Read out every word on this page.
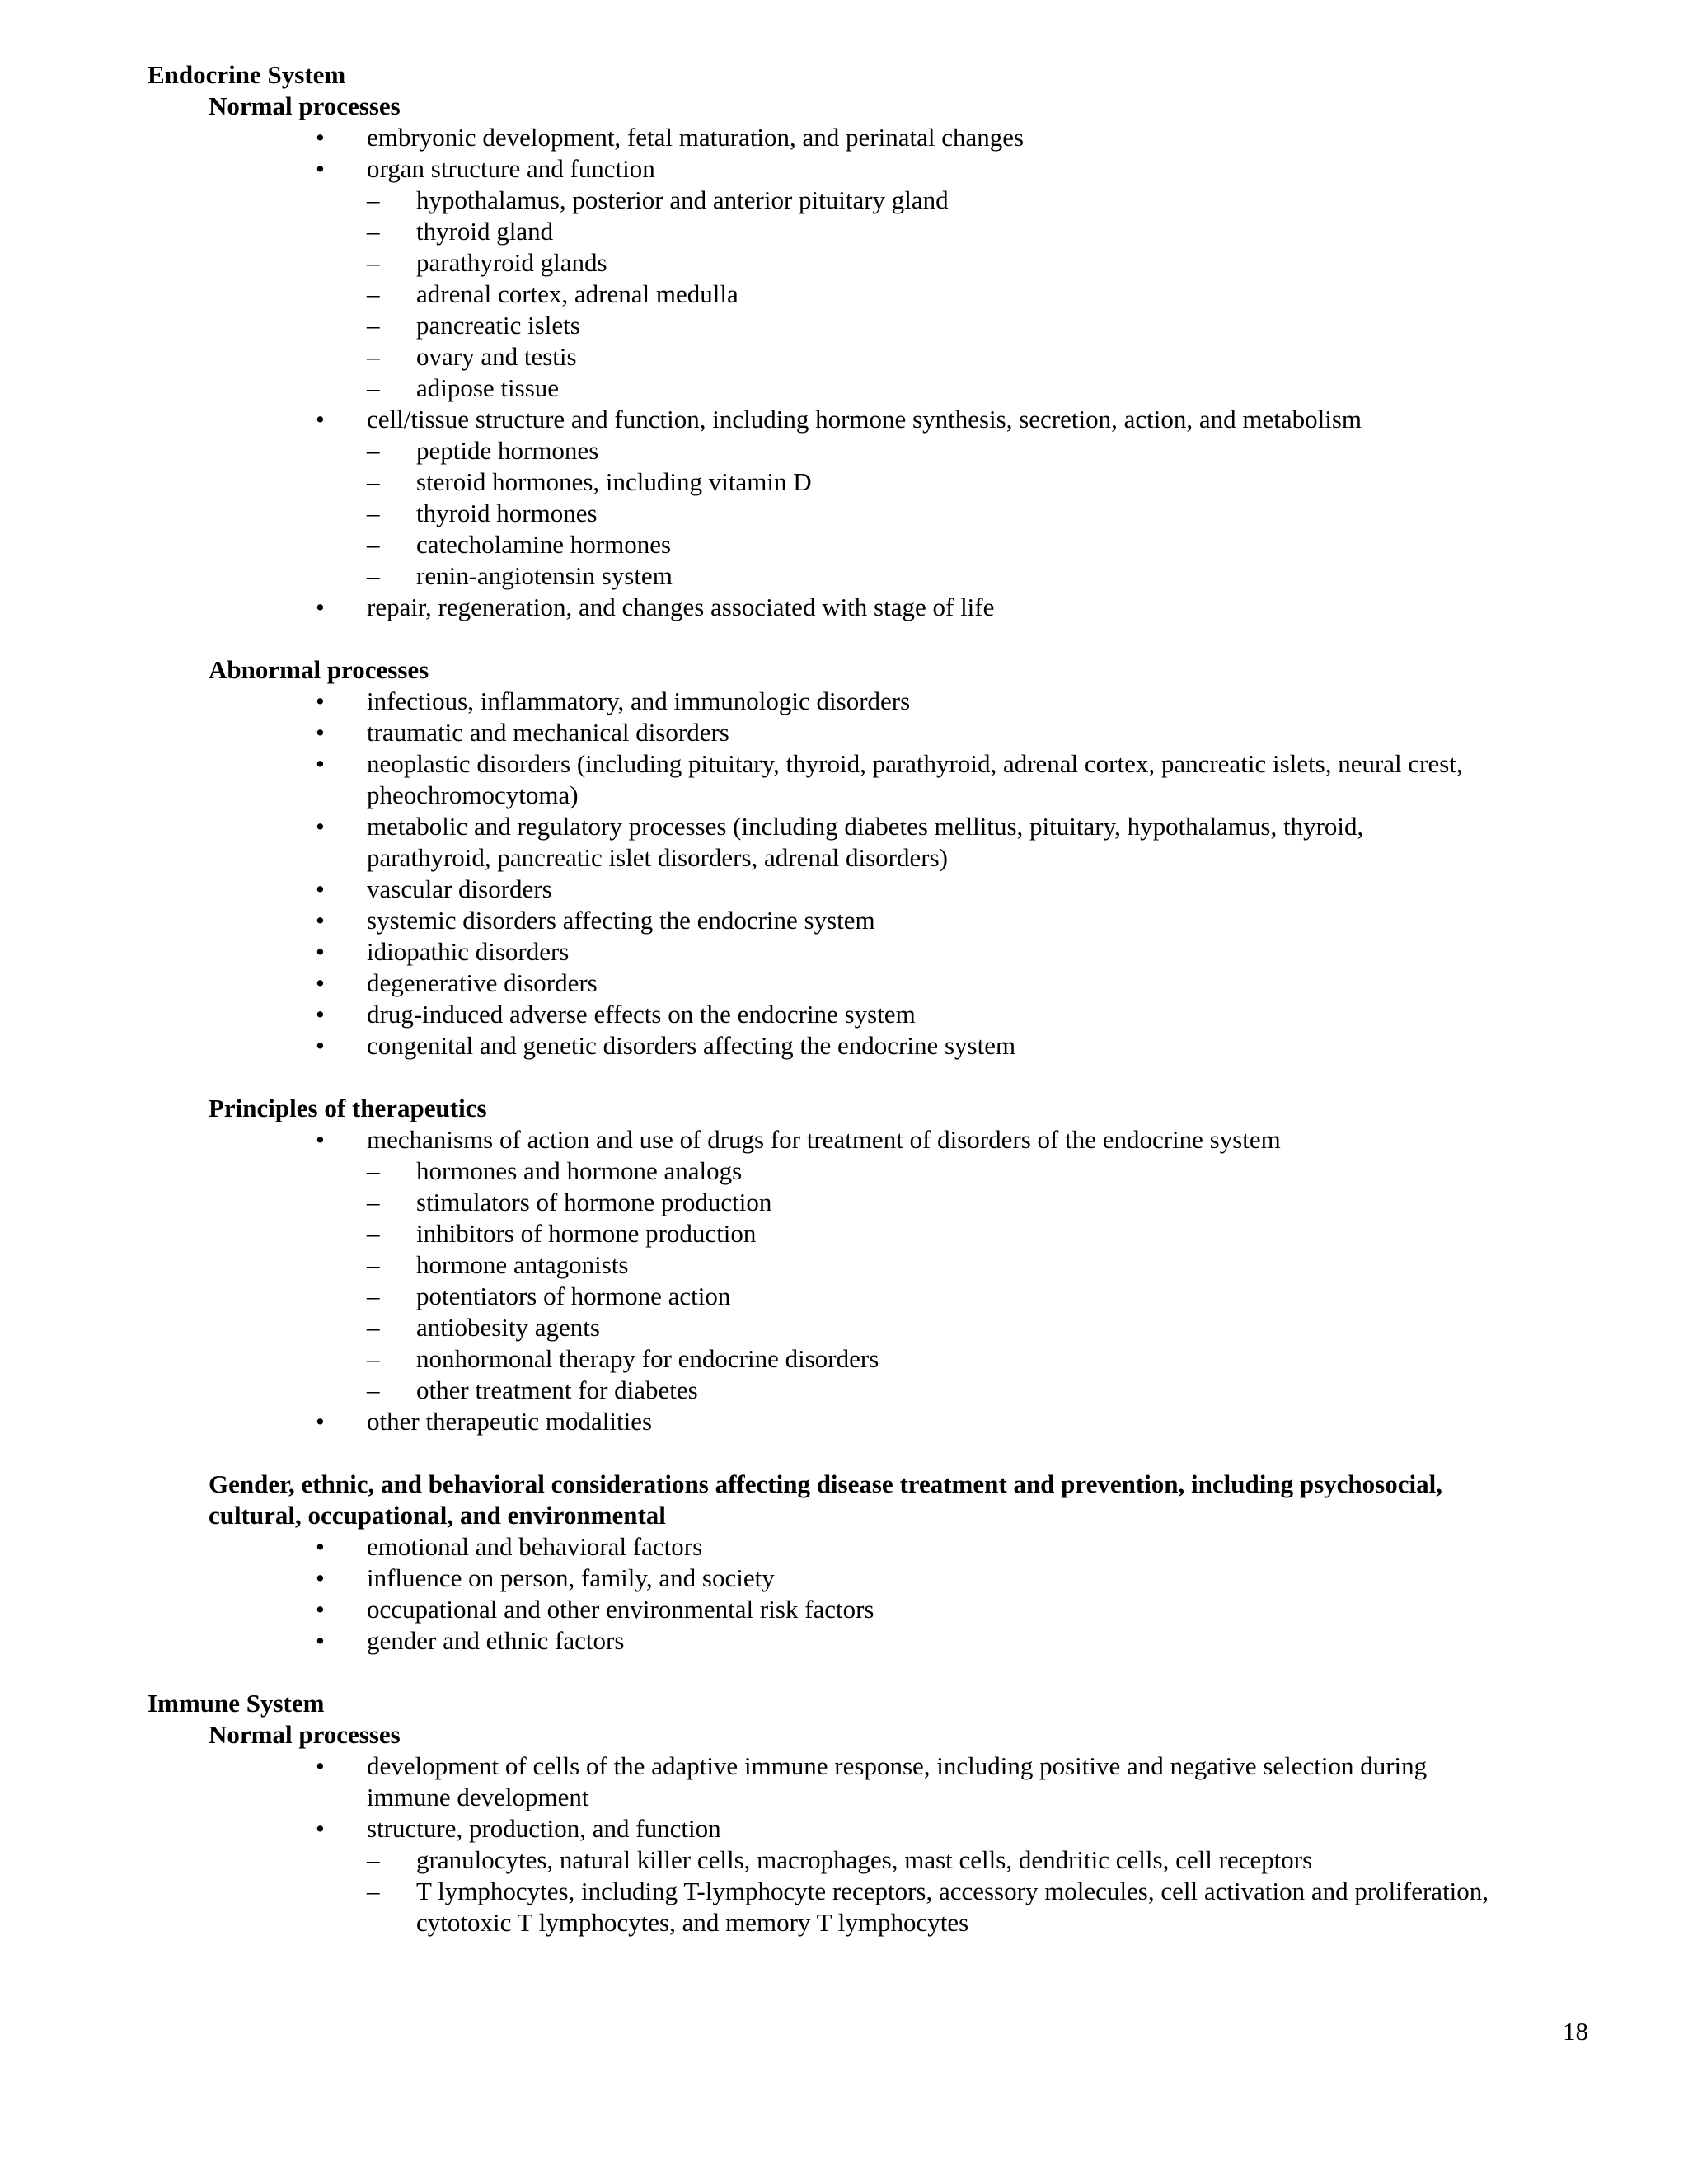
Endocrine System
Normal processes
• embryonic development, fetal maturation, and perinatal changes
• organ structure and function
– hypothalamus, posterior and anterior pituitary gland
– thyroid gland
– parathyroid glands
– adrenal cortex, adrenal medulla
– pancreatic islets
– ovary and testis
– adipose tissue
• cell/tissue structure and function, including hormone synthesis, secretion, action, and metabolism
– peptide hormones
– steroid hormones, including vitamin D
– thyroid hormones
– catecholamine hormones
– renin-angiotensin system
• repair, regeneration, and changes associated with stage of life
Abnormal processes
• infectious, inflammatory, and immunologic disorders
• traumatic and mechanical disorders
• neoplastic disorders (including pituitary, thyroid, parathyroid, adrenal cortex, pancreatic islets, neural crest,
pheochromocytoma)
• metabolic and regulatory processes (including diabetes mellitus, pituitary, hypothalamus, thyroid,
parathyroid, pancreatic islet disorders, adrenal disorders)
• vascular disorders
• systemic disorders affecting the endocrine system
• idiopathic disorders
• degenerative disorders
• drug-induced adverse effects on the endocrine system
• congenital and genetic disorders affecting the endocrine system
Principles of therapeutics
• mechanisms of action and use of drugs for treatment of disorders of the endocrine system
– hormones and hormone analogs
– stimulators of hormone production
– inhibitors of hormone production
– hormone antagonists
– potentiators of hormone action
– antiobesity agents
– nonhormonal therapy for endocrine disorders
– other treatment for diabetes
• other therapeutic modalities
Gender, ethnic, and behavioral considerations affecting disease treatment and prevention, including psychosocial,
cultural, occupational, and environmental
• emotional and behavioral factors
• influence on person, family, and society
• occupational and other environmental risk factors
• gender and ethnic factors
Immune System
Normal processes
• development of cells of the adaptive immune response, including positive and negative selection during
immune development
• structure, production, and function
– granulocytes, natural killer cells, macrophages, mast cells, dendritic cells, cell receptors
– T lymphocytes, including T-lymphocyte receptors, accessory molecules, cell activation and proliferation,
cytotoxic T lymphocytes, and memory T lymphocytes
18
